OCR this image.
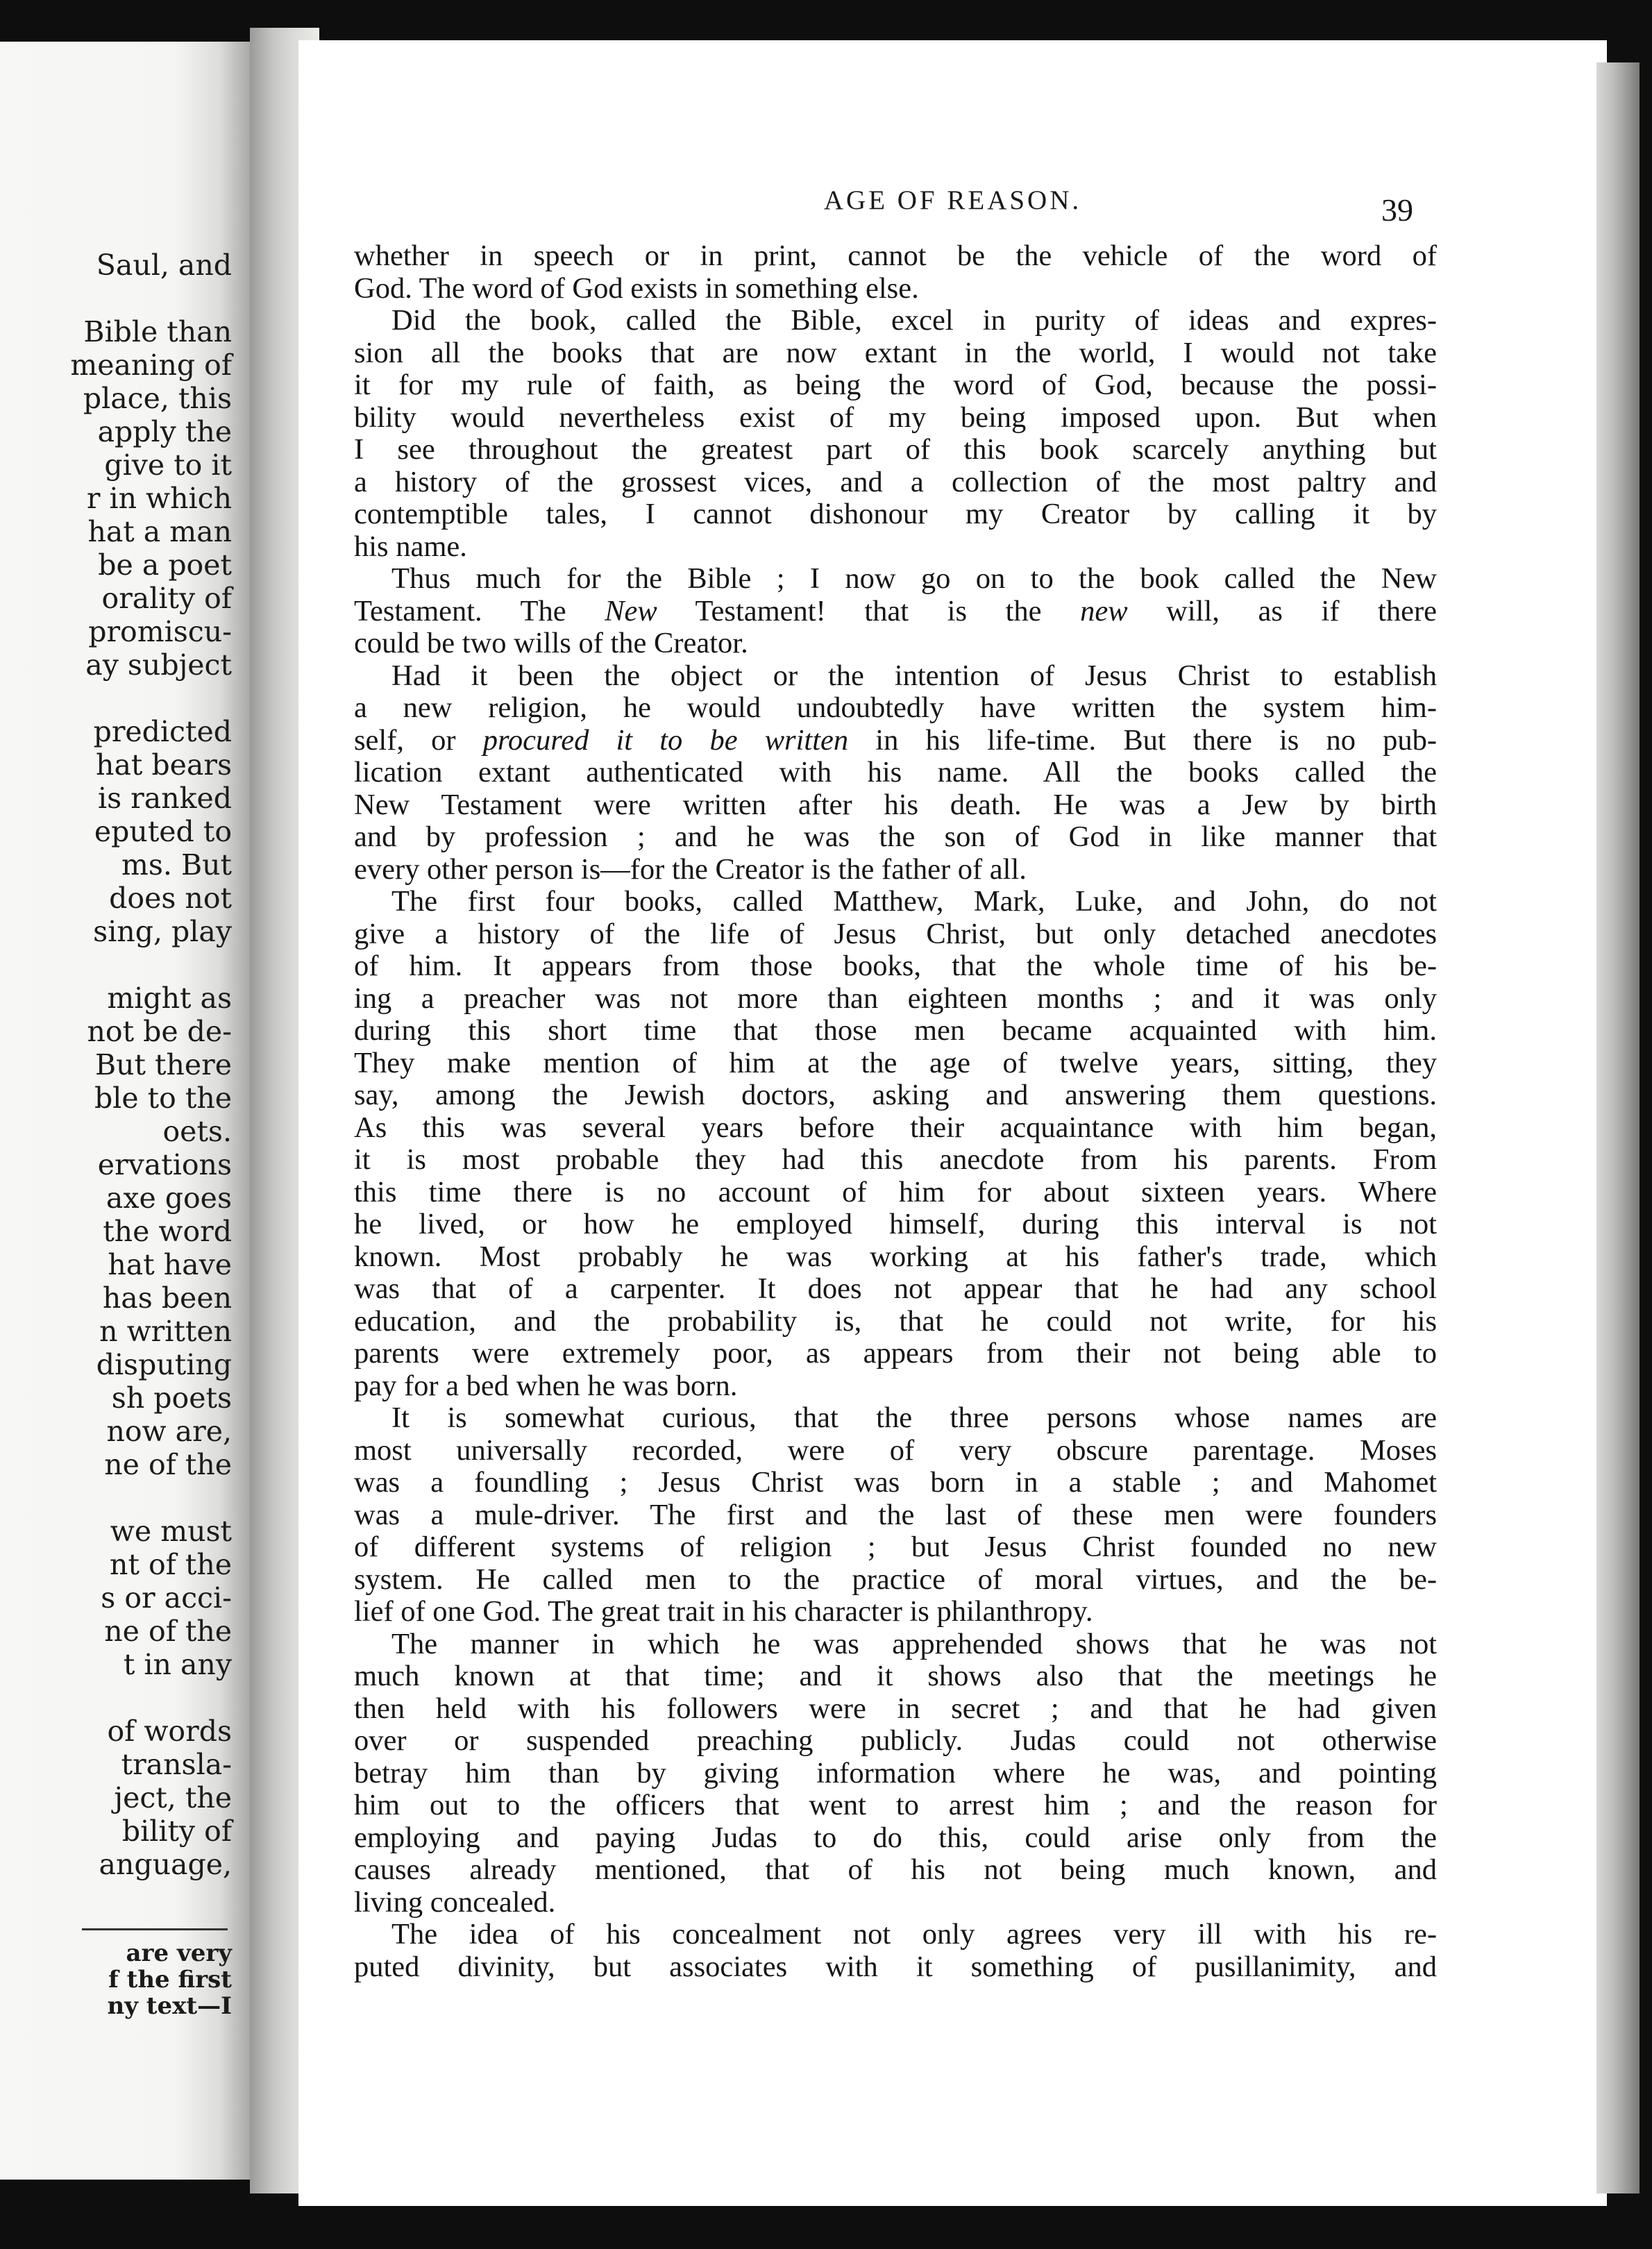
Saul, and
Bible than
meaning of
place, this
apply the
give to it
r in which
hat a man
be a poet
orality of
promiscu-
ay subject
predicted
hat bears
is ranked
eputed to
ms. But
does not
sing, play
might as
not be de-
But there
ble to the
oets.
ervations
axe goes
the word
hat have
has been
n written
disputing
sh poets
now are,
ne of the
we must
nt of the
s or acci-
ne of the
t in any
of words
transla-
ject, the
bility of
anguage,
are very
f the first
ny text—I
AGE OF REASON.	39
whether in speech or in print, cannot be the vehicle of the word of
God. The word of God exists in something else.
Did the book, called the Bible, excel in purity of ideas and expres-
sion all the books that are now extant in the world, I would not take
it for my rule of faith, as being the word of God, because the possi-
bility would nevertheless exist of my being imposed upon. But when
I see throughout the greatest part of this book scarcely anything but
a history of the grossest vices, and a collection of the most paltry and
contemptible tales, I cannot dishonour my Creator by calling it by
his name.
Thus much for the Bible ; I now go on to the book called the New
Testament. The New Testament! that is the new will, as if there
could be two wills of the Creator.
Had it been the object or the intention of Jesus Christ to establish
a new religion, he would undoubtedly have written the system him-
self, or procured it to be written in his life-time. But there is no pub-
lication extant authenticated with his name. All the books called the
New Testament were written after his death. He was a Jew by birth
and by profession ; and he was the son of God in like manner that
every other person is—for the Creator is the father of all.
The first four books, called Matthew, Mark, Luke, and John, do not
give a history of the life of Jesus Christ, but only detached anecdotes
of him. It appears from those books, that the whole time of his be-
ing a preacher was not more than eighteen months ; and it was only
during this short time that those men became acquainted with him.
They make mention of him at the age of twelve years, sitting, they
say, among the Jewish doctors, asking and answering them questions.
As this was several years before their acquaintance with him began,
it is most probable they had this anecdote from his parents. From
this time there is no account of him for about sixteen years. Where
he lived, or how he employed himself, during this interval is not
known. Most probably he was working at his father's trade, which
was that of a carpenter. It does not appear that he had any school
education, and the probability is, that he could not write, for his
parents were extremely poor, as appears from their not being able to
pay for a bed when he was born.
It is somewhat curious, that the three persons whose names are
most universally recorded, were of very obscure parentage. Moses
was a foundling ; Jesus Christ was born in a stable ; and Mahomet
was a mule-driver. The first and the last of these men were founders
of different systems of religion ; but Jesus Christ founded no new
system. He called men to the practice of moral virtues, and the be-
lief of one God. The great trait in his character is philanthropy.
The manner in which he was apprehended shows that he was not
much known at that time; and it shows also that the meetings he
then held with his followers were in secret ; and that he had given
over or suspended preaching publicly. Judas could not otherwise
betray him than by giving information where he was, and pointing
him out to the officers that went to arrest him ; and the reason for
employing and paying Judas to do this, could arise only from the
causes already mentioned, that of his not being much known, and
living concealed.
The idea of his concealment not only agrees very ill with his re-
puted divinity, but associates with it something of pusillanimity, and
